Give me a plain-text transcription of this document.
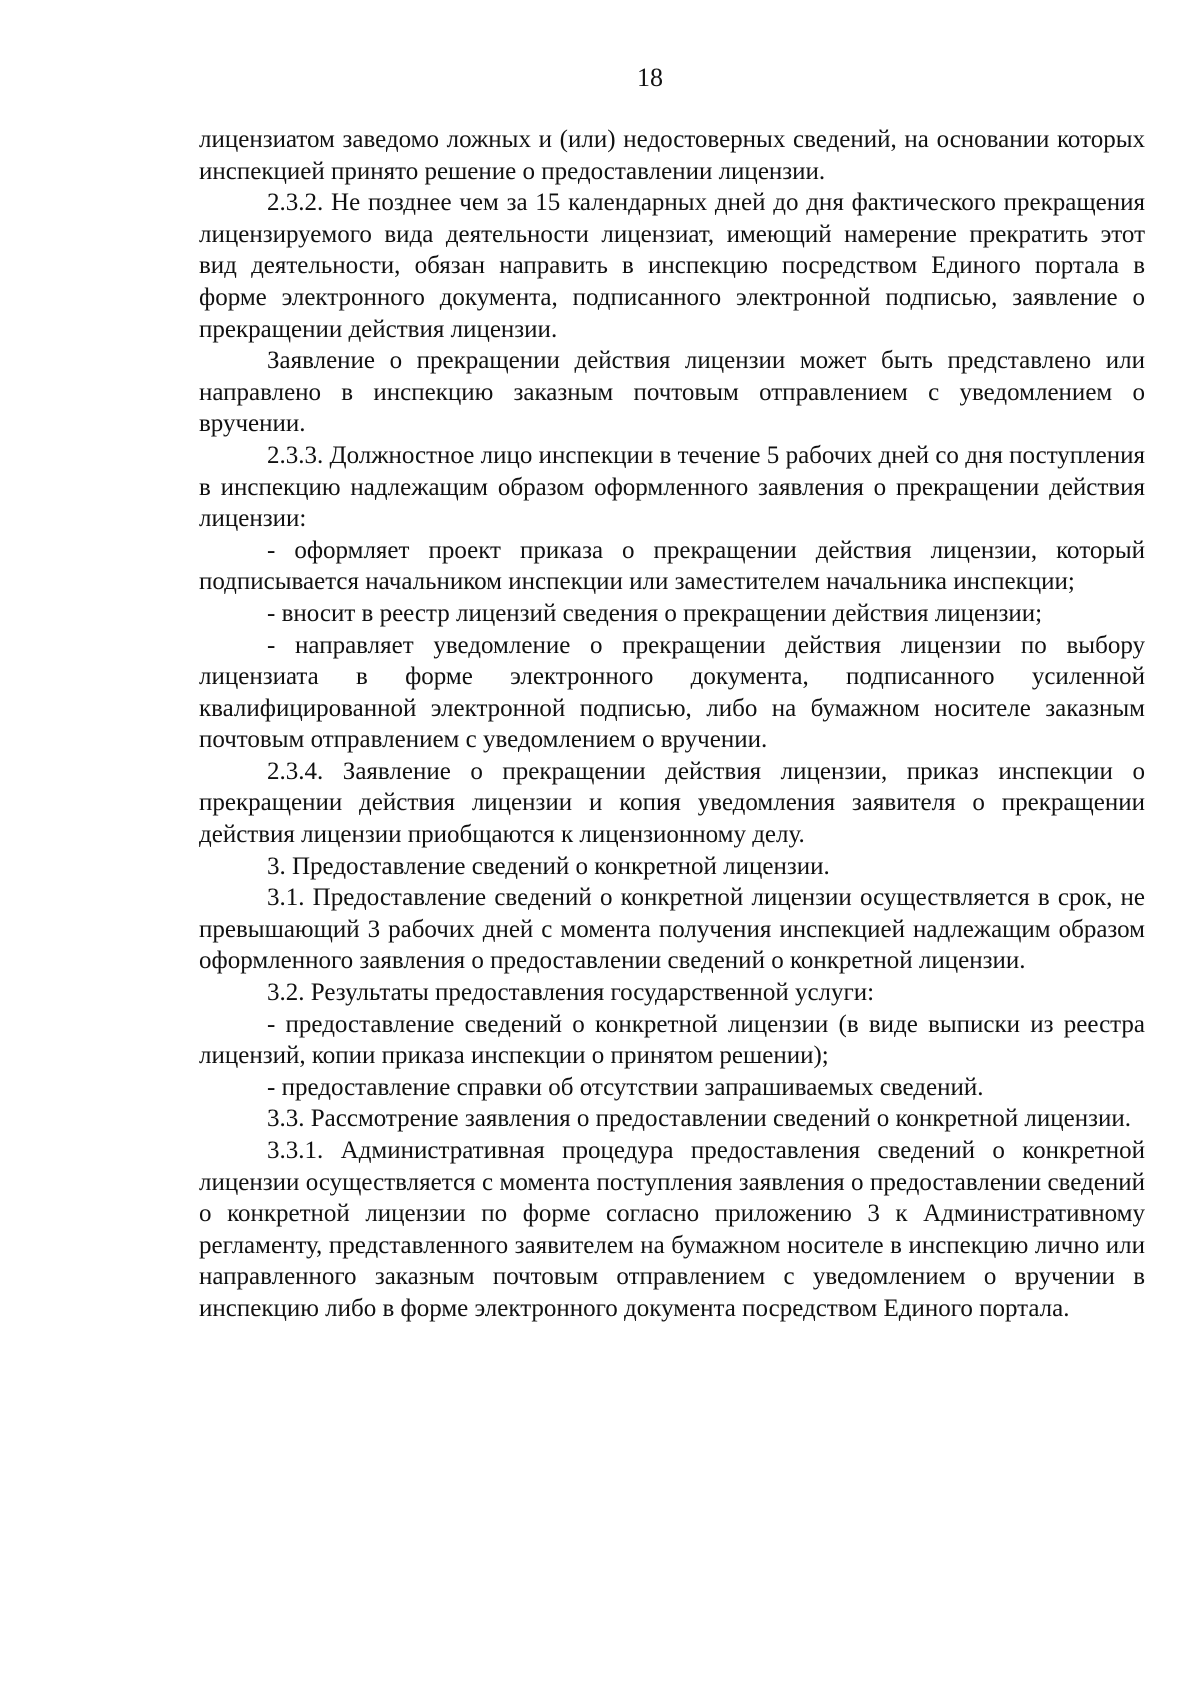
18

лицензиатом заведомо ложных и (или) недостоверных сведений, на основании которых инспекцией принято решение о предоставлении лицензии.

2.3.2. Не позднее чем за 15 календарных дней до дня фактического прекращения лицензируемого вида деятельности лицензиат, имеющий намерение прекратить этот вид деятельности, обязан направить в инспекцию посредством Единого портала в форме электронного документа, подписанного электронной подписью, заявление о прекращении действия лицензии.

Заявление о прекращении действия лицензии может быть представлено или направлено в инспекцию заказным почтовым отправлением с уведомлением о вручении.

2.3.3. Должностное лицо инспекции в течение 5 рабочих дней со дня поступления в инспекцию надлежащим образом оформленного заявления о прекращении действия лицензии:

- оформляет проект приказа о прекращении действия лицензии, который подписывается начальником инспекции или заместителем начальника инспекции;

- вносит в реестр лицензий сведения о прекращении действия лицензии;

- направляет уведомление о прекращении действия лицензии по выбору лицензиата в форме электронного документа, подписанного усиленной квалифицированной электронной подписью, либо на бумажном носителе заказным почтовым отправлением с уведомлением о вручении.

2.3.4. Заявление о прекращении действия лицензии, приказ инспекции о прекращении действия лицензии и копия уведомления заявителя о прекращении действия лицензии приобщаются к лицензионному делу.

3. Предоставление сведений о конкретной лицензии.

3.1. Предоставление сведений о конкретной лицензии осуществляется в срок, не превышающий 3 рабочих дней с момента получения инспекцией надлежащим образом оформленного заявления о предоставлении сведений о конкретной лицензии.

3.2. Результаты предоставления государственной услуги:

- предоставление сведений о конкретной лицензии (в виде выписки из реестра лицензий, копии приказа инспекции о принятом решении);

- предоставление справки об отсутствии запрашиваемых сведений.

3.3. Рассмотрение заявления о предоставлении сведений о конкретной лицензии.

3.3.1. Административная процедура предоставления сведений о конкретной лицензии осуществляется с момента поступления заявления о предоставлении сведений о конкретной лицензии по форме согласно приложению 3 к Административному регламенту, представленного заявителем на бумажном носителе в инспекцию лично или направленного заказным почтовым отправлением с уведомлением о вручении в инспекцию либо в форме электронного документа посредством Единого портала.
